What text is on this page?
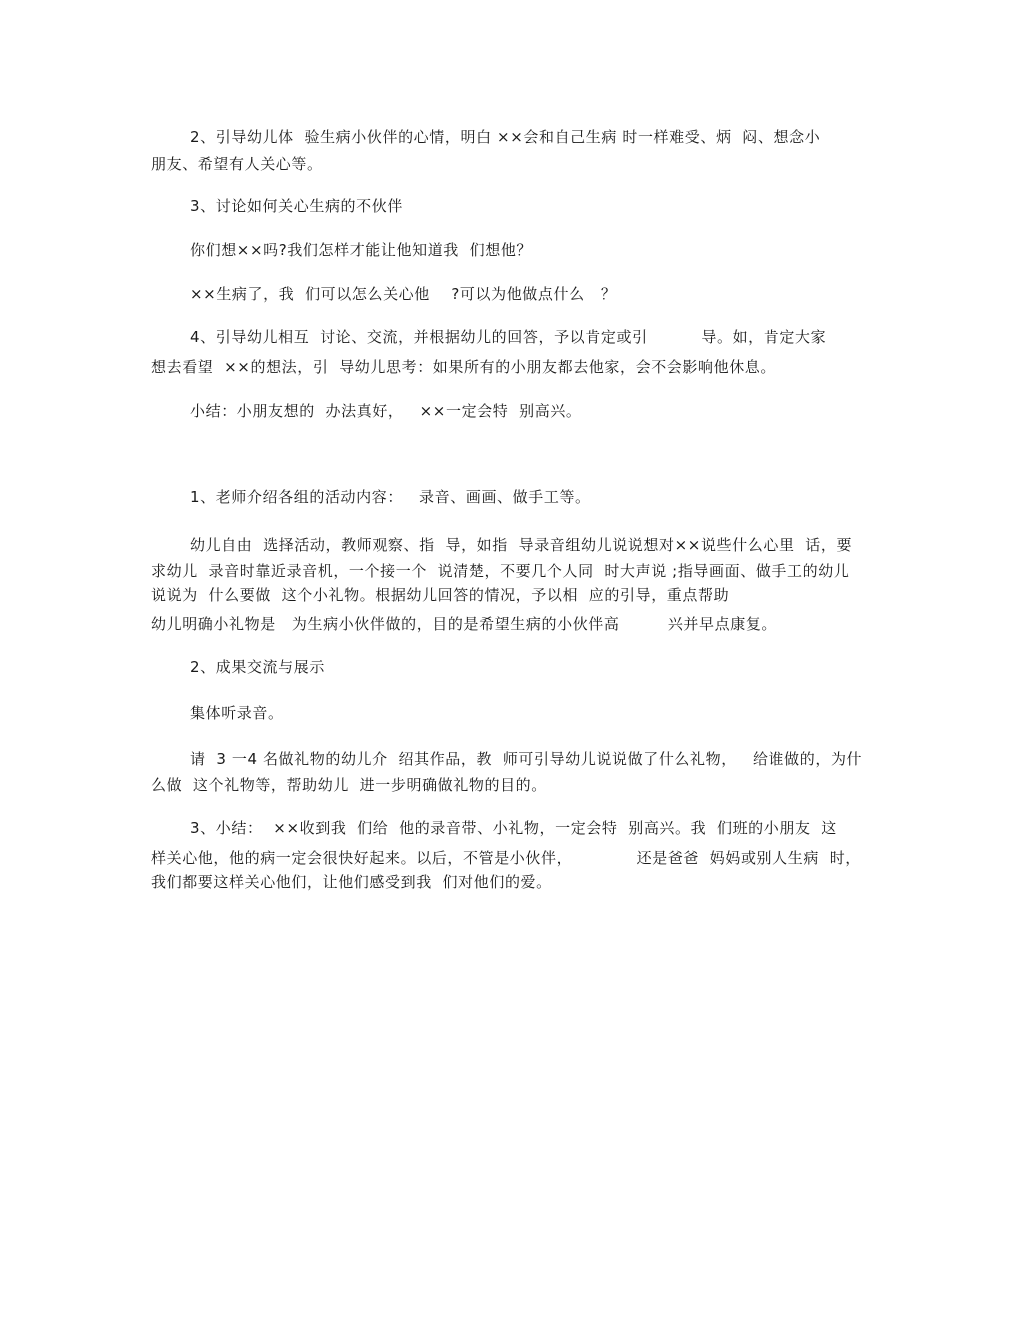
2、引导幼儿体  验生病小伙伴的心情，明白 ××会和自己生病 时一样难受、炳  闷、想念小
朋友、希望有人关心等。
3、讨论如何关心生病的不伙伴
你们想××吗?我们怎样才能让他知道我  们想他？
××生病了，我  们可以怎么关心他    ?可以为他做点什么   ？
4、引导幼儿相互  讨论、交流，并根据幼儿的回答，予以肯定或引          导。如，肯定大家
想去看望  ××的想法，引  导幼儿思考：如果所有的小朋友都去他家，会不会影响他休息。
小结：小朋友想的  办法真好，   ××一定会特  别高兴。
1、老师介绍各组的活动内容：   录音、画画、做手工等。
幼儿自由  选择活动，教师观察、指  导，如指  导录音组幼儿说说想对××说些什么心里  话，要
求幼儿  录音时靠近录音机，一个接一个  说清楚，不要几个人同  时大声说 ;指导画面、做手工的幼儿
说说为  什么要做  这个小礼物。根据幼儿回答的情况，予以相  应的引导，重点帮助
幼儿明确小礼物是   为生病小伙伴做的，目的是希望生病的小伙伴高         兴并早点康复。
2、成果交流与展示
集体听录音。
请  3 一4 名做礼物的幼儿介  绍其作品，教  师可引导幼儿说说做了什么礼物，   给谁做的，为什
么做  这个礼物等，帮助幼儿  进一步明确做礼物的目的。
3、小结：  ××收到我  们给  他的录音带、小礼物，一定会特  别高兴。我  们班的小朋友  这
样关心他，他的病一定会很快好起来。以后，不管是小伙伴，            还是爸爸  妈妈或别人生病  时，
我们都要这样关心他们，让他们感受到我  们对他们的爱。
